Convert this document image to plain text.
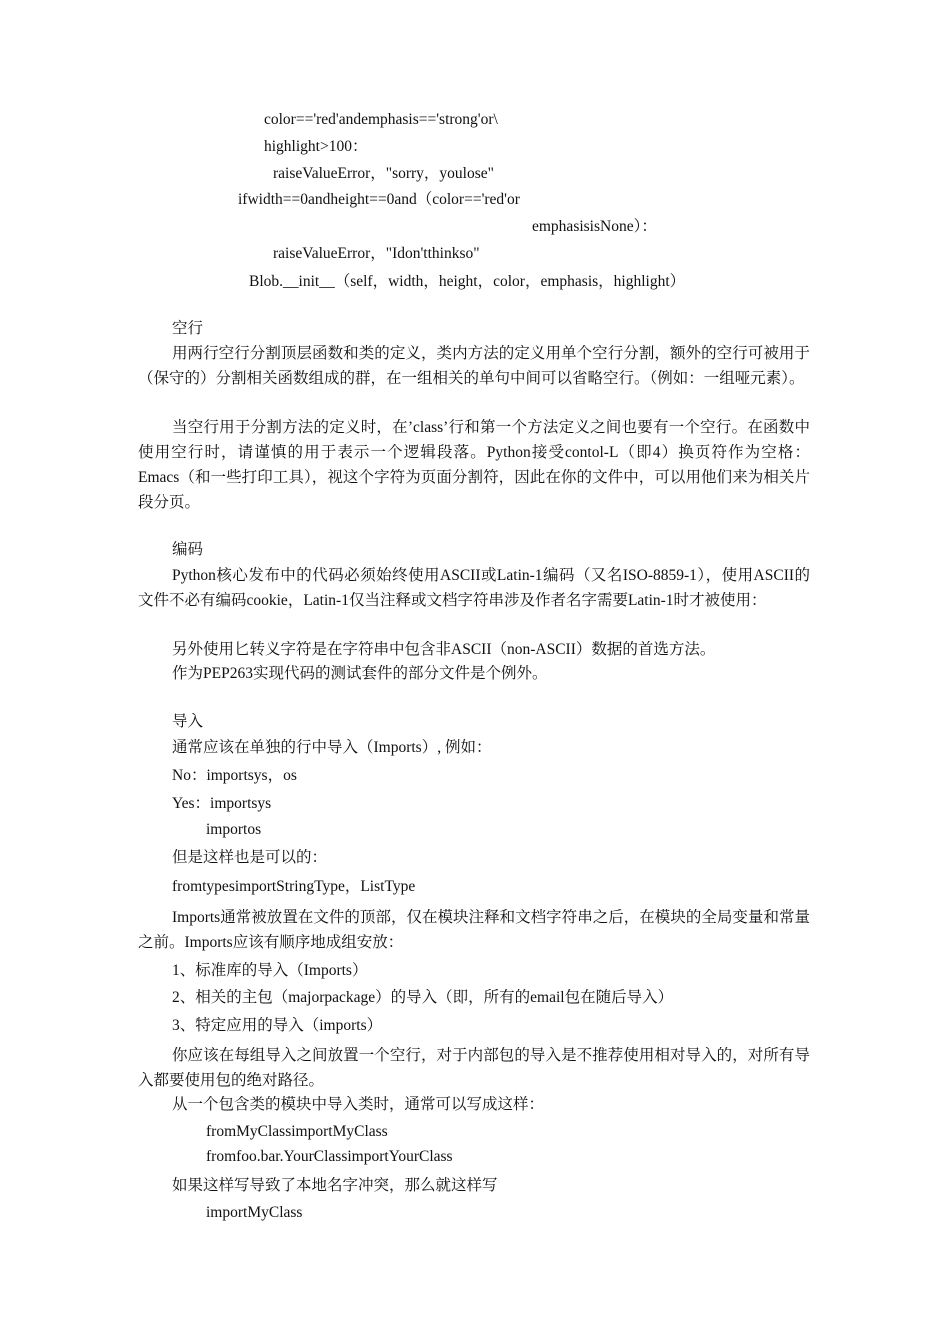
color=='red'andemphasis=='strong'or\
highlight>100：
raiseValueError，"sorry，youlose"
ifwidth==0andheight==0and（color=='red'or
emphasisisNone）：
raiseValueError，"Idon'tthinkso"
Blob.__init__（self，width，height，color，emphasis，highlight）
空行
用两行空行分割顶层函数和类的定义，类内方法的定义用单个空行分割，额外的空行可被用于（保守的）分割相关函数组成的群，在一组相关的单句中间可以省略空行。（例如：一组哑元素）。
当空行用于分割方法的定义时，在’class’行和第一个方法定义之间也要有一个空行。在函数中使用空行时，请谨慎的用于表示一个逻辑段落。Python接受contol-L（即4）换页符作为空格：Emacs（和一些打印工具），视这个字符为页面分割符，因此在你的文件中，可以用他们来为相关片段分页。
编码
Python核心发布中的代码必须始终使用ASCII或Latin-1编码（又名ISO-8859-1），使用ASCII的文件不必有编码cookie，Latin-1仅当注释或文档字符串涉及作者名字需要Latin-1时才被使用：
另外使用匕转义字符是在字符串中包含非ASCII（non-ASCII）数据的首选方法。
作为PEP263实现代码的测试套件的部分文件是个例外。
导入
通常应该在单独的行中导入（Imports）, 例如：
No：importsys，os
Yes：importsys
importos
但是这样也是可以的：
fromtypesimportStringType，ListType
Imports通常被放置在文件的顶部，仅在模块注释和文档字符串之后，在模块的全局变量和常量之前。Imports应该有顺序地成组安放：
1、标准库的导入（Imports）
2、相关的主包（majorpackage）的导入（即，所有的email包在随后导入）
3、特定应用的导入（imports）
你应该在每组导入之间放置一个空行，对于内部包的导入是不推荐使用相对导入的，对所有导入都要使用包的绝对路径。
从一个包含类的模块中导入类时，通常可以写成这样：
fromMyClassimportMyClass
fromfoo.bar.YourClassimportYourClass
如果这样写导致了本地名字冲突，那么就这样写
importMyClass
